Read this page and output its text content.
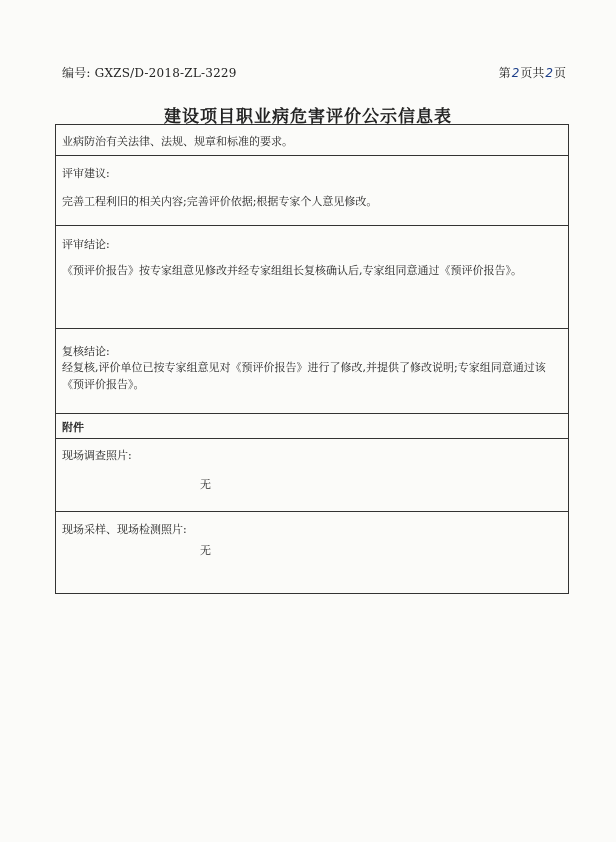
编号: GXZS/D-2018-ZL-3229	第2页共2页
建设项目职业病危害评价公示信息表
业病防治有关法律、法规、规章和标准的要求。
评审建议:
完善工程利旧的相关内容;完善评价依据;根据专家个人意见修改。
评审结论:
《预评价报告》按专家组意见修改并经专家组组长复核确认后,专家组同意通过《预评价报告》。
复核结论:
经复核,评价单位已按专家组意见对《预评价报告》进行了修改,并提供了修改说明;专家组同意通过该《预评价报告》。
附件
现场调查照片:
无
现场采样、现场检测照片:
无
